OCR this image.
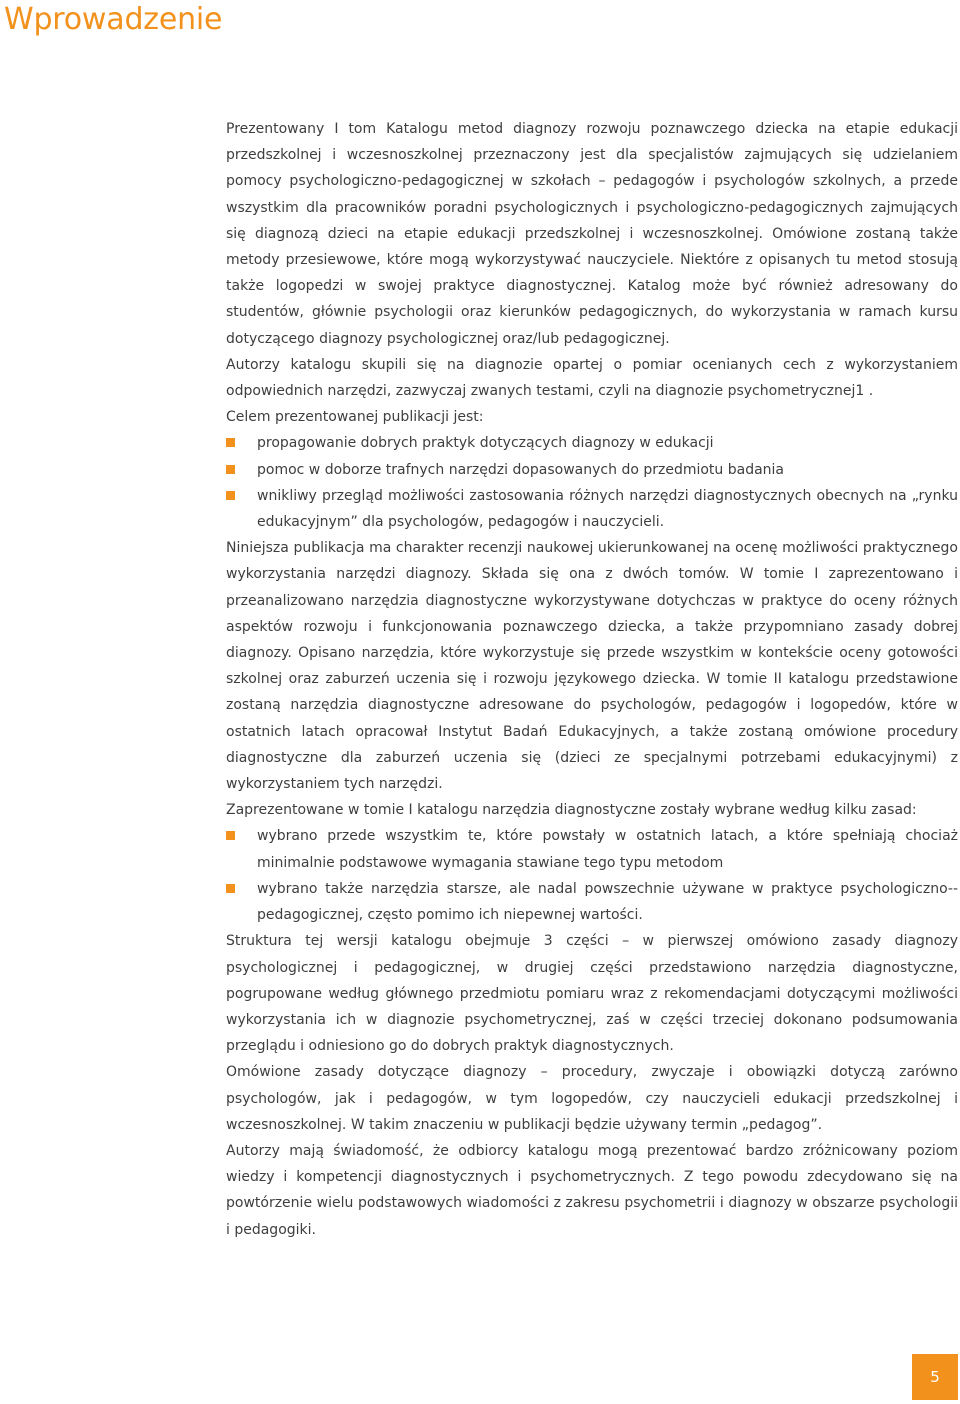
Wprowadzenie

Prezentowany I tom Katalogu metod diagnozy rozwoju poznawczego dziecka na etapie edukacji przedszkolnej i wczesnoszkolnej przeznaczony jest dla specjalistów zajmujących się udzielaniem pomocy psychologiczno-pedagogicznej w szkołach – pedagogów i psychologów szkolnych, a przede wszystkim dla pracowników poradni psychologicznych i psychologiczno-pedagogicznych zajmujących się diagnozą dzieci na etapie edukacji przedszkolnej i wczesnoszkolnej. Omówione zostaną także metody przesiewowe, które mogą wykorzystywać nauczyciele. Niektóre z opisanych tu metod stosują także logopedzi w swojej praktyce diagnostycznej. Katalog może być również adresowany do studentów, głównie psychologii oraz kierunków pedagogicznych, do wykorzystania w ramach kursu dotyczącego diagnozy psychologicznej oraz/lub pedagogicznej.

Autorzy katalogu skupili się na diagnozie opartej o pomiar ocenianych cech z wykorzystaniem odpowiednich narzędzi, zazwyczaj zwanych testami, czyli na diagnozie psychometrycznej1 .

Celem prezentowanej publikacji jest:

propagowanie dobrych praktyk dotyczących diagnozy w edukacji
pomoc w doborze trafnych narzędzi dopasowanych do przedmiotu badania
wnikliwy przegląd możliwości zastosowania różnych narzędzi diagnostycznych obecnych na „rynku edukacyjnym” dla psychologów, pedagogów i nauczycieli.

Niniejsza publikacja ma charakter recenzji naukowej ukierunkowanej na ocenę możliwości praktycznego wykorzystania narzędzi diagnozy. Składa się ona z dwóch tomów. W tomie I zaprezentowano i przeanalizowano narzędzia diagnostyczne wykorzystywane dotychczas w praktyce do oceny różnych aspektów rozwoju i funkcjonowania poznawczego dziecka, a także przypomniano zasady dobrej diagnozy. Opisano narzędzia, które wykorzystuje się przede wszystkim w kontekście oceny gotowości szkolnej oraz zaburzeń uczenia się i rozwoju językowego dziecka. W tomie II katalogu przedstawione zostaną narzędzia diagnostyczne adresowane do psychologów, pedagogów i logopedów, które w ostatnich latach opracował Instytut Badań Edukacyjnych, a także zostaną omówione procedury diagnostyczne dla zaburzeń uczenia się (dzieci ze specjalnymi potrzebami edukacyjnymi) z wykorzystaniem tych narzędzi.

Zaprezentowane w tomie I katalogu narzędzia diagnostyczne zostały wybrane według kilku zasad:

wybrano przede wszystkim te, które powstały w ostatnich latach, a które spełniają chociaż minimalnie podstawowe wymagania stawiane tego typu metodom
wybrano także narzędzia starsze, ale nadal powszechnie używane w praktyce psychologiczno--pedagogicznej, często pomimo ich niepewnej wartości.

Struktura tej wersji katalogu obejmuje 3 części – w pierwszej omówiono zasady diagnozy psychologicznej i pedagogicznej, w drugiej części przedstawiono narzędzia diagnostyczne, pogrupowane według głównego przedmiotu pomiaru wraz z rekomendacjami dotyczącymi możliwości wykorzystania ich w diagnozie psychometrycznej, zaś w części trzeciej dokonano podsumowania przeglądu i odniesiono go do dobrych praktyk diagnostycznych.

Omówione zasady dotyczące diagnozy – procedury, zwyczaje i obowiązki dotyczą zarówno psychologów, jak i pedagogów, w tym logopedów, czy nauczycieli edukacji przedszkolnej i wczesnoszkolnej. W takim znaczeniu w publikacji będzie używany termin „pedagog”.

Autorzy mają świadomość, że odbiorcy katalogu mogą prezentować bardzo zróżnicowany poziom wiedzy i kompetencji diagnostycznych i psychometrycznych. Z tego powodu zdecydowano się na powtórzenie wielu podstawowych wiadomości z zakresu psychometrii i diagnozy w obszarze psychologii i pedagogiki.

5
